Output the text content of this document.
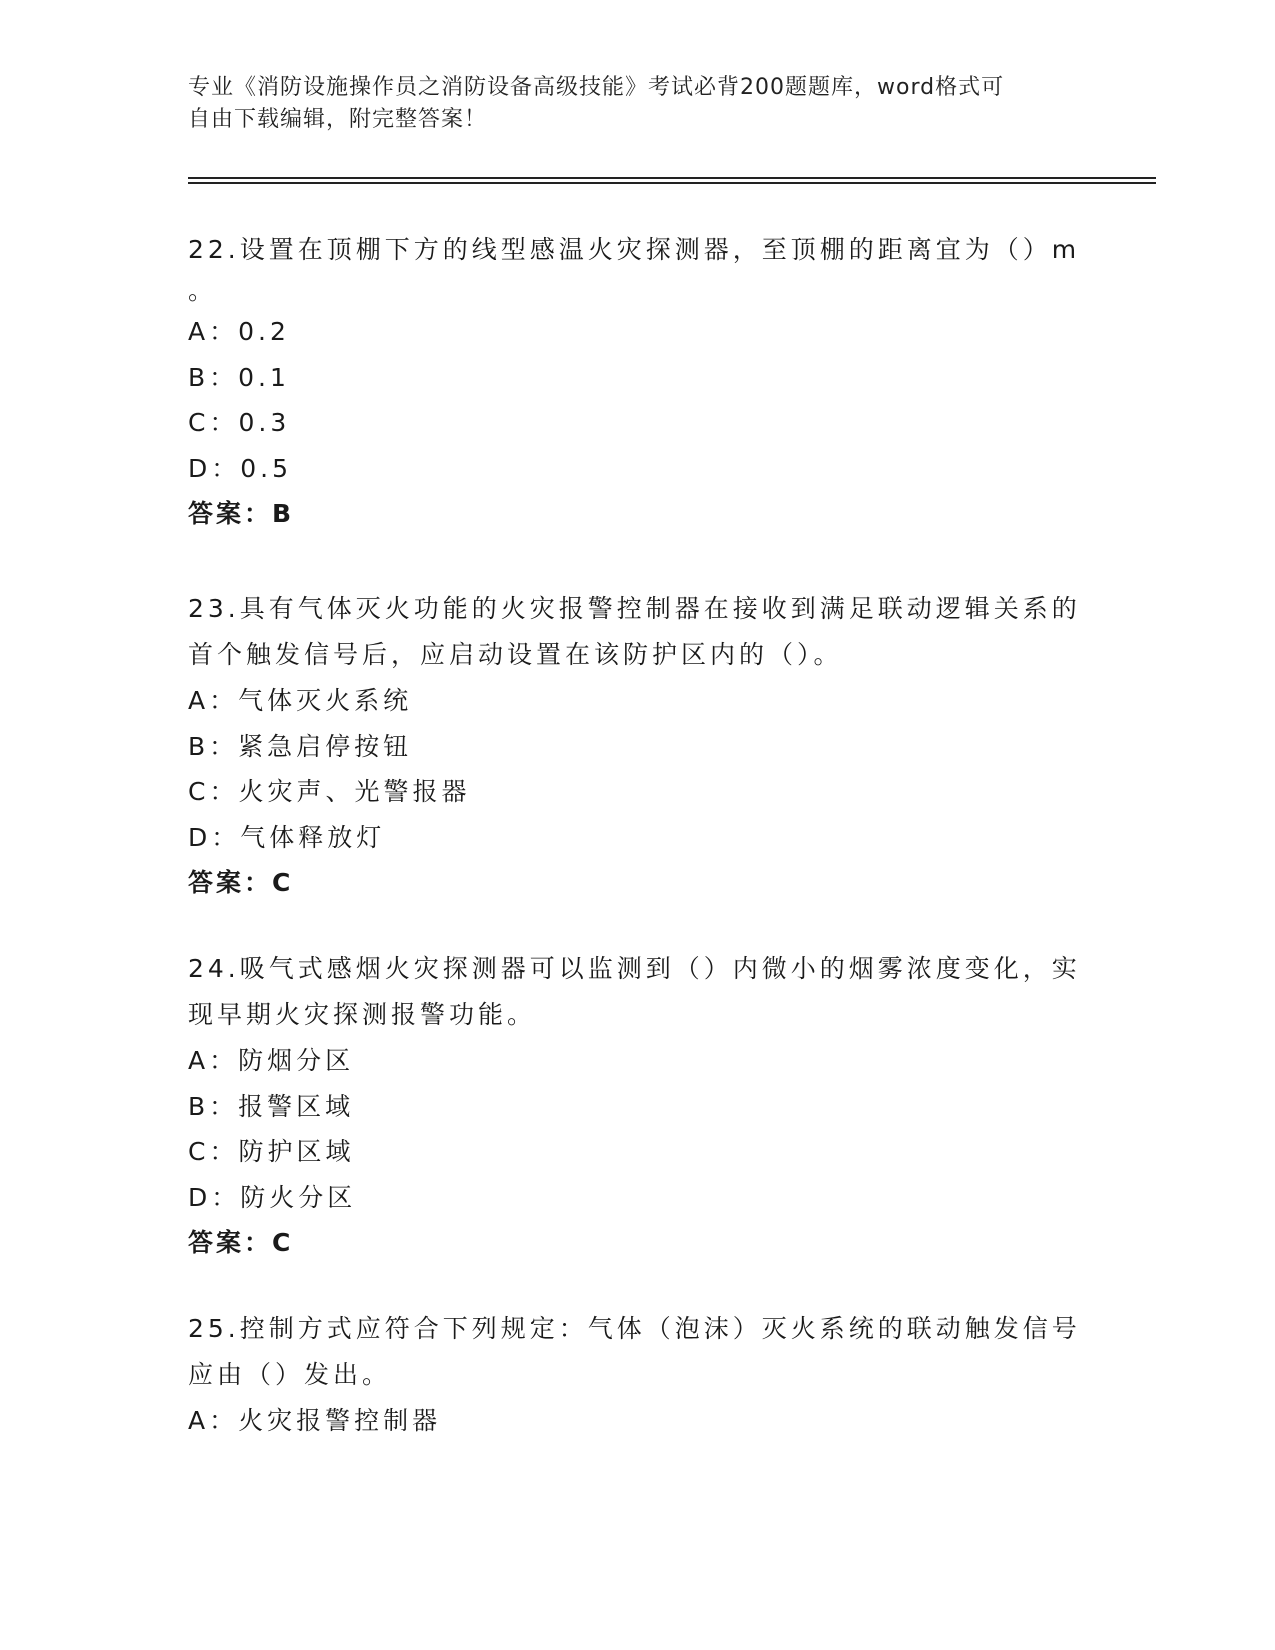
专业《消防设施操作员之消防设备高级技能》考试必背200题题库，word格式可
自由下载编辑，附完整答案！
22.设置在顶棚下方的线型感温火灾探测器，至顶棚的距离宜为（）m
。
A：0.2
B：0.1
C：0.3
D：0.5
答案：B
23.具有气体灭火功能的火灾报警控制器在接收到满足联动逻辑关系的
首个触发信号后，应启动设置在该防护区内的（）。
A：气体灭火系统
B：紧急启停按钮
C：火灾声、光警报器
D：气体释放灯
答案：C
24.吸气式感烟火灾探测器可以监测到（）内微小的烟雾浓度变化，实
现早期火灾探测报警功能。
A：防烟分区
B：报警区域
C：防护区域
D：防火分区
答案：C
25.控制方式应符合下列规定：气体（泡沫）灭火系统的联动触发信号
应由（）发出。
A：火灾报警控制器
